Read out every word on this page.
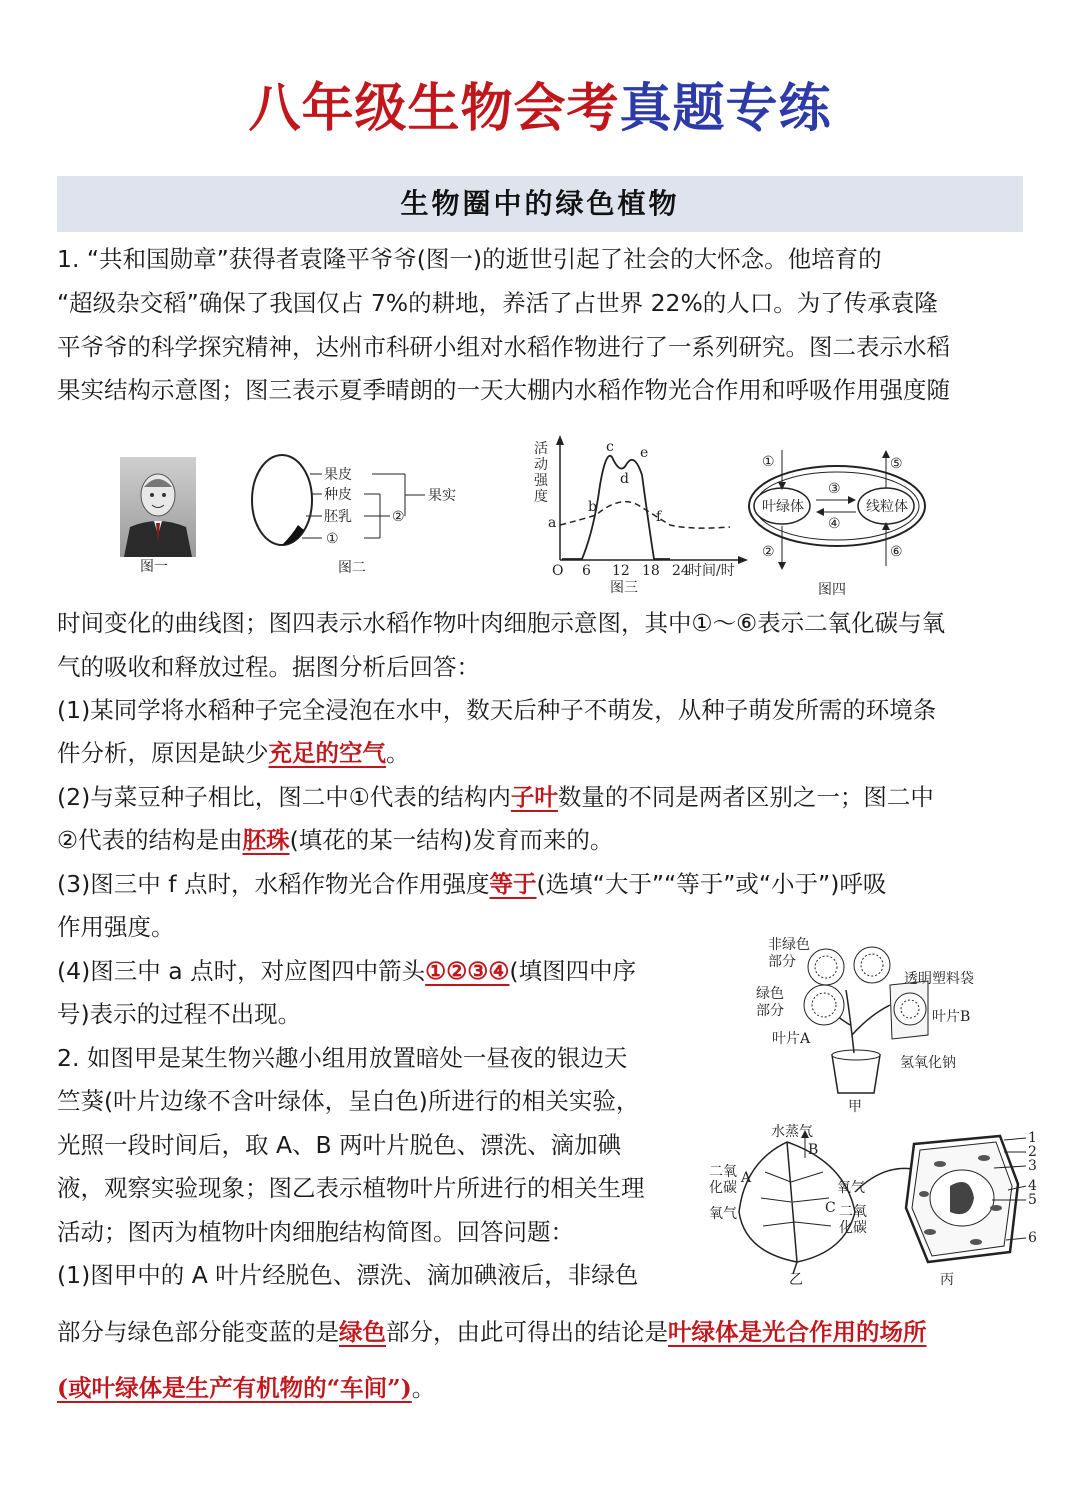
八年级生物会考真题专练
生物圈中的绿色植物
1. “共和国勋章”获得者袁隆平爷爷(图一)的逝世引起了社会的大怀念。他培育的
“超级杂交稻”确保了我国仅占 7%的耕地，养活了占世界 22%的人口。为了传承袁隆
平爷爷的科学探究精神，达州市科研小组对水稻作物进行了一系列研究。图二表示水稻
果实结构示意图；图三表示夏季晴朗的一天大棚内水稻作物光合作用和呼吸作用强度随
图一
果皮
种皮
胚乳
①
②
果实
图二
活
动
强
度
a
b
c
d
e
f
O 6 12 18 24
时间/时
图三
叶绿体	线粒体
③
④
①
②
⑤
⑥
图四
时间变化的曲线图；图四表示水稻作物叶肉细胞示意图，其中①～⑥表示二氧化碳与氧
气的吸收和释放过程。据图分析后回答：
(1)某同学将水稻种子完全浸泡在水中，数天后种子不萌发，从种子萌发所需的环境条
件分析，原因是缺少充足的空气。
(2)与菜豆种子相比，图二中①代表的结构内子叶数量的不同是两者区别之一；图二中
②代表的结构是由胚珠(填花的某一结构)发育而来的。
(3)图三中 f 点时，水稻作物光合作用强度等于(选填“大于”“等于”或“小于”)呼吸
作用强度。
(4)图三中 a 点时，对应图四中箭头①②③④(填图四中序
号)表示的过程不出现。
2. 如图甲是某生物兴趣小组用放置暗处一昼夜的银边天
竺葵(叶片边缘不含叶绿体，呈白色)所进行的相关实验，
光照一段时间后，取 A、B 两叶片脱色、漂洗、滴加碘
液，观察实验现象；图乙表示植物叶片所进行的相关生理
活动；图丙为植物叶肉细胞结构简图。回答问题：
(1)图甲中的 A 叶片经脱色、漂洗、滴加碘液后，非绿色
非绿色
部分
绿色
部分
叶片A
透明塑料袋
叶片B
氢氧化钠
甲
水蒸气
B
二氧
化碳
A
氧气
氧气
C 二氧
化碳
乙
1
2
3
4
5
6
丙
部分与绿色部分能变蓝的是绿色部分，由此可得出的结论是叶绿体是光合作用的场所
(或叶绿体是生产有机物的“车间”)。
